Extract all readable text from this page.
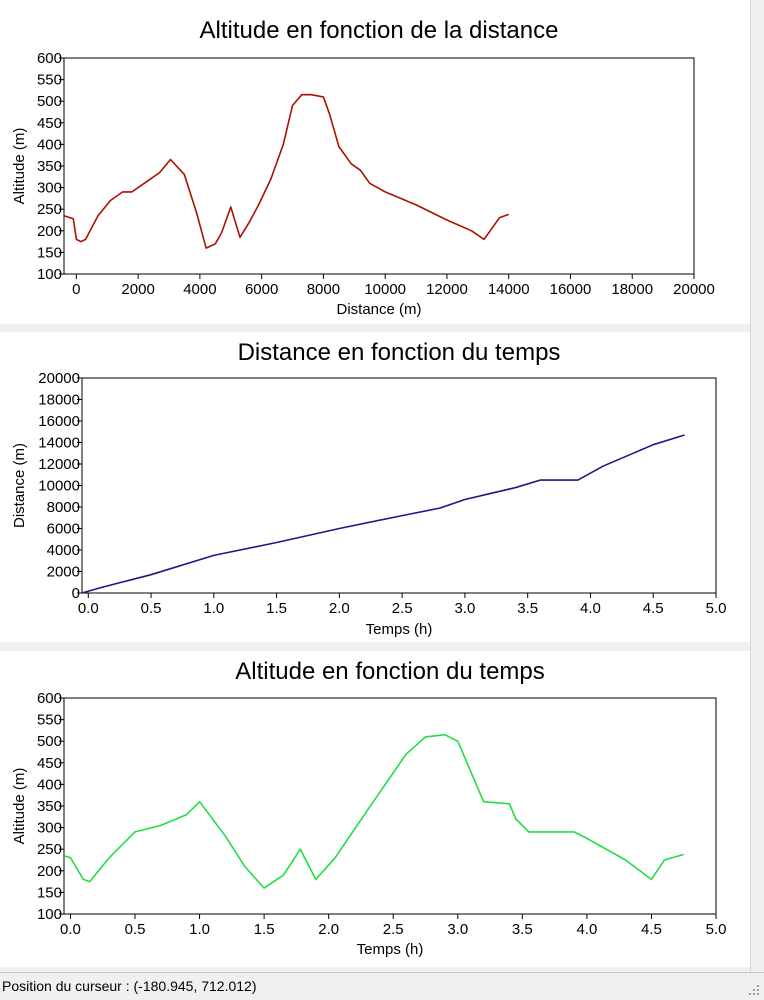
Altitude en fonction de la distance
0	2000 4000 6000 8000 10000 12000 14000 16000 18000 20000
100
150
200
250
300
350
400
450
500
550
600
Distance (m)
Altitude (m)
Distance en fonction du temps
0.0	0.5	1.0	1.5	2.0	2.5	3.0	3.5	4.0	4.5	5.0
0
2000
4000
6000
8000
10000
12000
14000
16000
18000
20000
Temps (h)
Distance (m)
Altitude en fonction du temps
0.0	0.5	1.0	1.5	2.0	2.5	3.0	3.5	4.0	4.5	5.0
100
150
200
250
300
350
400
450
500
550
600
Temps (h)
Altitude (m)
Position du curseur : (-180.945, 712.012)
